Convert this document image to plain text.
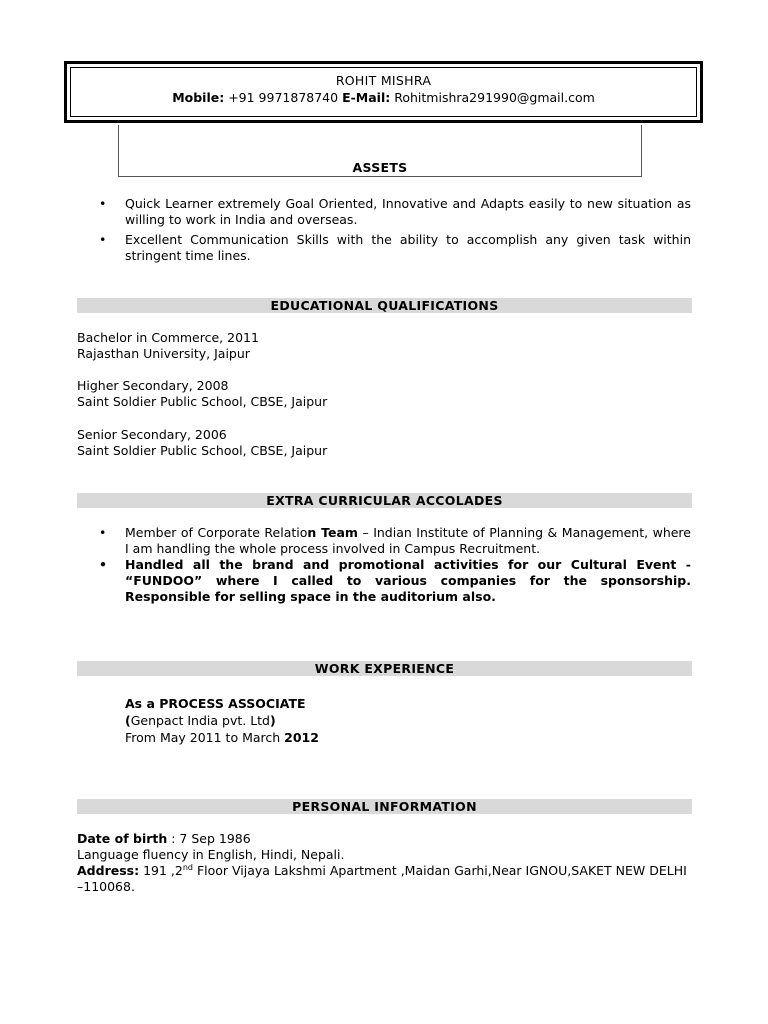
ROHIT MISHRA
Mobile: +91 9971878740 E-Mail: Rohitmishra291990@gmail.com
ASSETS
• Quick Learner extremely Goal Oriented, Innovative and Adapts easily to new situation as willing to work in India and overseas.
• Excellent Communication Skills with the ability to accomplish any given task within stringent time lines.
EDUCATIONAL QUALIFICATIONS
Bachelor in Commerce, 2011
Rajasthan University, Jaipur
Higher Secondary, 2008
Saint Soldier Public School, CBSE, Jaipur
Senior Secondary, 2006
Saint Soldier Public School, CBSE, Jaipur
EXTRA CURRICULAR ACCOLADES
• Member of Corporate Relation Team – Indian Institute of Planning & Management, where I am handling the whole process involved in Campus Recruitment.
• Handled all the brand and promotional activities for our Cultural Event - “FUNDOO” where I called to various companies for the sponsorship. Responsible for selling space in the auditorium also.
WORK EXPERIENCE
As a PROCESS ASSOCIATE
(Genpact India pvt. Ltd)
From May 2011 to March 2012
PERSONAL INFORMATION
Date of birth : 7 Sep 1986
Language fluency in English, Hindi, Nepali.
Address: 191 ,2nd Floor Vijaya Lakshmi Apartment ,Maidan Garhi,Near IGNOU,SAKET NEW DELHI –110068.
